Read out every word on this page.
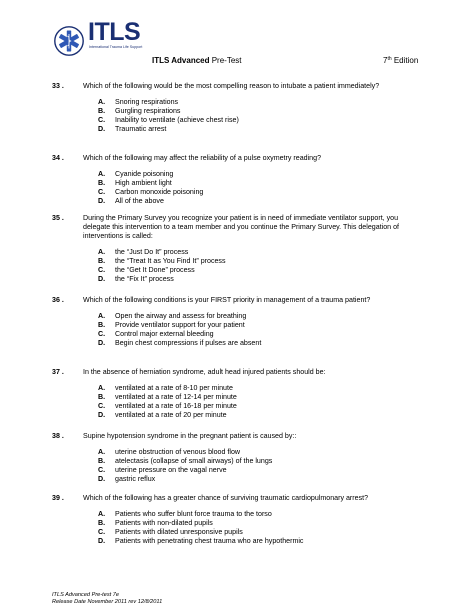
ITLS
International Trauma Life Support
ITLS Advanced Pre-Test	7th Edition
33 .	Which of the following would be the most compelling reason to intubate a patient immediately?
A. Snoring respirations
B. Gurgling respirations
C. Inability to ventilate (achieve chest rise)
D. Traumatic arrest
34 .	Which of the following may affect the reliability of a pulse oxymetry reading?
A. Cyanide poisoning
B. High ambient light
C. Carbon monoxide poisoning
D. All of the above
35 .	During the Primary Survey you recognize your patient is in need of immediate ventilator support, you delegate this intervention to a team member and you continue the Primary Survey. This delegation of interventions is called:
A. the “Just Do It” process
B. the “Treat It as You Find It” process
C. the “Get It Done” process
D. the “Fix It” process
36 .	Which of the following conditions is your FIRST priority in management of a trauma patient?
A. Open the airway and assess for breathing
B. Provide ventilator support for your patient
C. Control major external bleeding
D. Begin chest compressions if pulses are absent
37 .	In the absence of herniation syndrome, adult head injured patients should be:
A. ventilated at a rate of 8-10 per minute
B. ventilated at a rate of 12-14 per minute
C. ventilated at a rate of 16-18 per minute
D. ventilated at a rate of 20 per minute
38 .	Supine hypotension syndrome in the pregnant patient is caused by::
A. uterine obstruction of venous blood flow
B. atelectasis (collapse of small airways) of the lungs
C. uterine pressure on the vagal nerve
D. gastric reflux
39 .	Which of the following has a greater chance of surviving traumatic cardiopulmonary arrest?
A. Patients who suffer blunt force trauma to the torso
B. Patients with non-dilated pupils
C. Patients with dilated unresponsive pupils
D. Patients with penetrating chest trauma who are hypothermic
ITLS Advanced Pre-test 7e
Release Date November 2011 rev 12/8/2011
